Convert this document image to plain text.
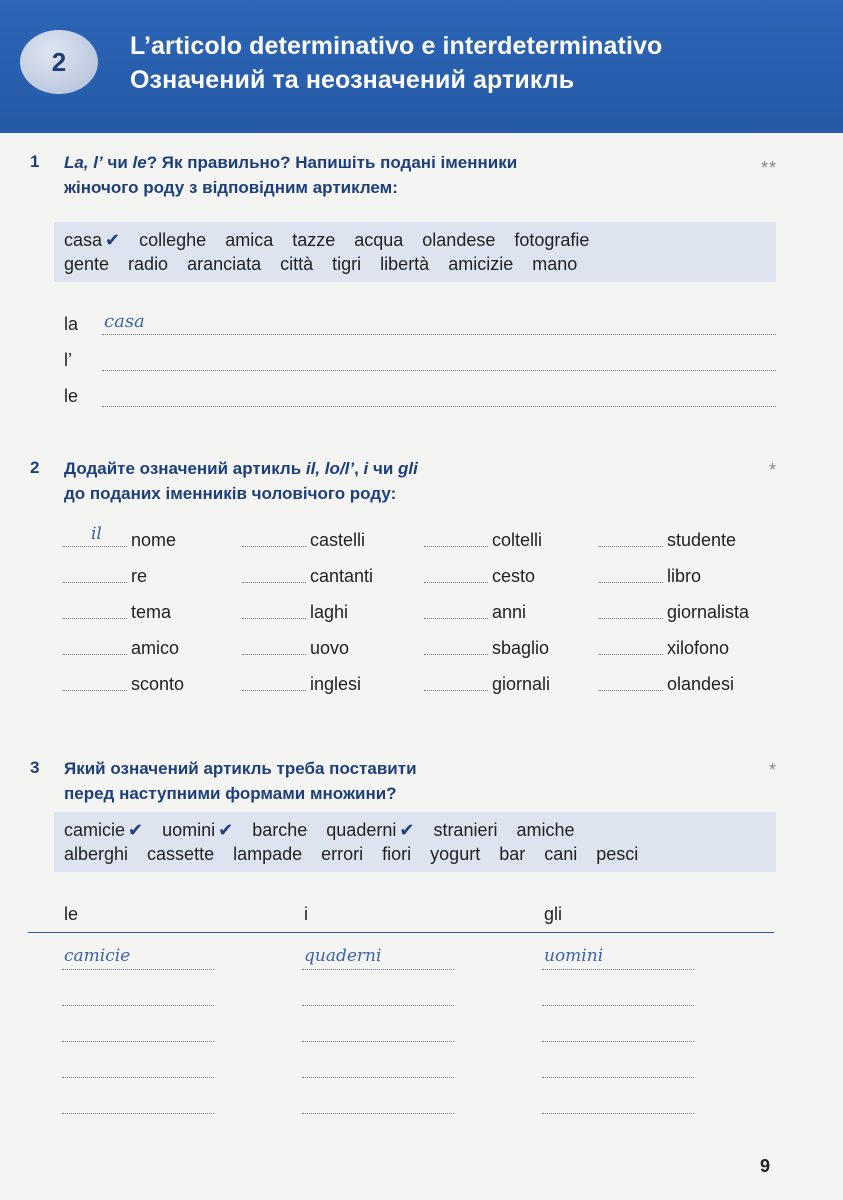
2
L’articolo determinativo e interdeterminativo
Означений та неозначений артикль
1 La, l’ чи le? Як правильно? Напишіть подані іменники
жіночого роду з відповідним артиклем:
**
casa ✔ colleghe amica tazze acqua olandese fotografie
gente radio aranciata città tigri libertà amicizie mano
la casa
l’
le
2 Додайте означений артикль il, lo/l’, i чи gli
до поданих іменників чоловічого роду:
*
il nome	castelli	coltelli	studente
re	cantanti	cesto	libro
tema	laghi	anni	giornalista
amico	uovo	sbaglio	xilofono
sconto	inglesi	giornali	olandesi
3 Який означений артикль треба поставити
перед наступними формами множини?
*
camicie ✔ uomini ✔ barche quaderni ✔ stranieri amiche
alberghi cassette lampade errori fiori yogurt bar cani pesci
le	i	gli
camicie	quaderni	uomini
9
